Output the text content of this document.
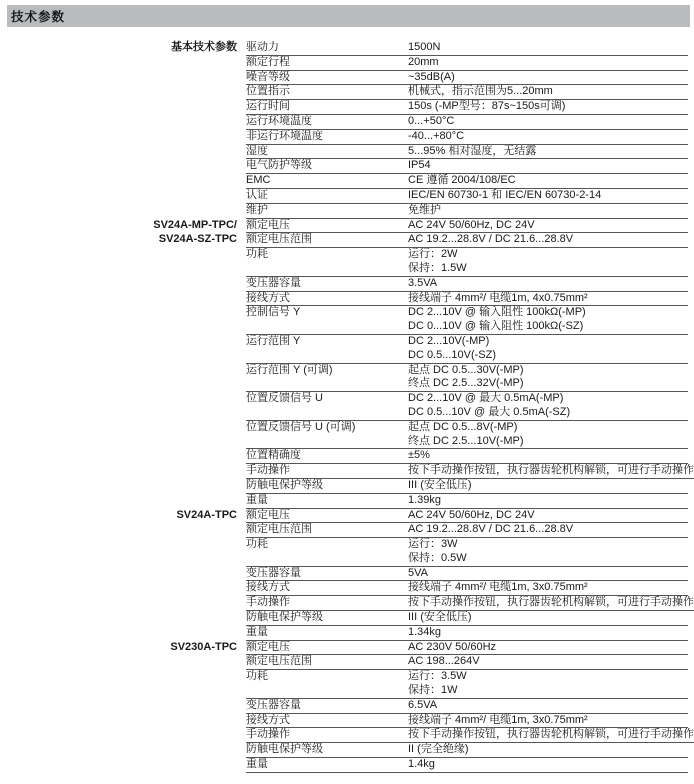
技术参数
基本技术参数 驱动力	1500N
额定行程	20mm
噪音等级	~35dB(A)
位置指示	机械式，指示范围为5...20mm
运行时间	150s (-MP型号：87s~150s可调)
运行环境温度	0...+50°C
非运行环境温度	-40...+80°C
湿度	5...95% 相对湿度，无结露
电气防护等级	IP54
EMC	CE 遵循 2004/108/EC
认证	IEC/EN 60730-1 和 IEC/EN 60730-2-14
维护	免维护
SV24A-MP-TPC/ 额定电压	AC 24V 50/60Hz, DC 24V
SV24A-SZ-TPC 额定电压范围	AC 19.2...28.8V / DC 21.6...28.8V
功耗	运行：2W
保持：1.5W
变压器容量	3.5VA
接线方式	接线端子 4mm²/ 电缆1m, 4x0.75mm²
控制信号 Y	DC 2...10V @ 输入阻性 100kΩ(-MP)
DC 0...10V @ 输入阻性 100kΩ(-SZ)
运行范围 Y	DC 2...10V(-MP)
DC 0.5...10V(-SZ)
运行范围 Y (可调)	起点 DC 0.5...30V(-MP)
终点 DC 2.5...32V(-MP)
位置反馈信号 U	DC 2...10V @ 最大 0.5mA(-MP)
DC 0.5...10V @ 最大 0.5mA(-SZ)
位置反馈信号 U (可调)	起点 DC 0.5...8V(-MP)
终点 DC 2.5...10V(-MP)
位置精确度	±5%
手动操作	按下手动操作按钮，执行器齿轮机构解锁，可进行手动操作
防触电保护等级	III (安全低压)
重量	1.39kg
SV24A-TPC 额定电压	AC 24V 50/60Hz, DC 24V
额定电压范围	AC 19.2...28.8V / DC 21.6...28.8V
功耗	运行：3W
保持：0.5W
变压器容量	5VA
接线方式	接线端子 4mm²/ 电缆1m, 3x0.75mm²
手动操作	按下手动操作按钮，执行器齿轮机构解锁，可进行手动操作
防触电保护等级	III (安全低压)
重量	1.34kg
SV230A-TPC 额定电压	AC 230V 50/60Hz
额定电压范围	AC 198...264V
功耗	运行：3.5W
保持：1W
变压器容量	6.5VA
接线方式	接线端子 4mm²/ 电缆1m, 3x0.75mm²
手动操作	按下手动操作按钮，执行器齿轮机构解锁，可进行手动操作
防触电保护等级	II (完全绝缘)
重量	1.4kg
